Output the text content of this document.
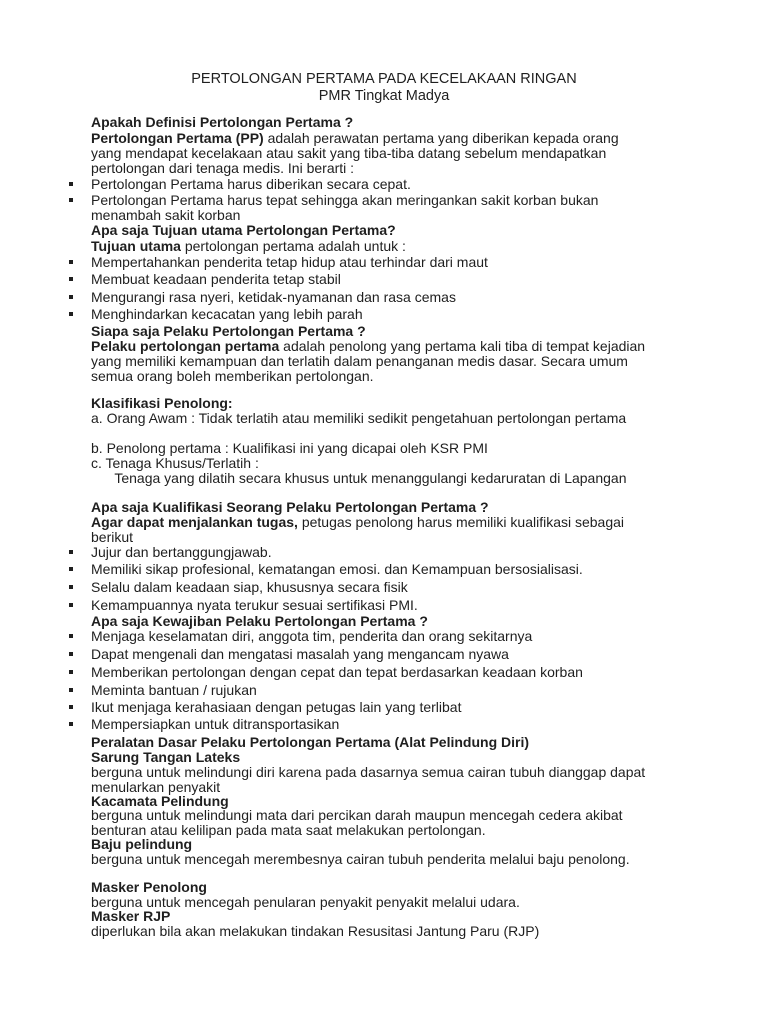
PERTOLONGAN PERTAMA PADA KECELAKAAN RINGAN
PMR Tingkat Madya
Apakah Definisi Pertolongan Pertama ?
Pertolongan Pertama (PP) adalah perawatan pertama yang diberikan kepada orang yang mendapat kecelakaan atau sakit yang tiba-tiba datang sebelum mendapatkan pertolongan dari tenaga medis. Ini berarti :
Pertolongan Pertama harus diberikan secara cepat.
Pertolongan Pertama harus tepat sehingga akan meringankan sakit korban bukan menambah sakit korban
Apa saja Tujuan utama Pertolongan Pertama?
Tujuan utama pertolongan pertama adalah untuk :
Mempertahankan penderita tetap hidup atau terhindar dari maut
Membuat keadaan penderita tetap stabil
Mengurangi rasa nyeri, ketidak-nyamanan dan rasa cemas
Menghindarkan kecacatan yang lebih parah
Siapa saja Pelaku Pertolongan Pertama ?
Pelaku pertolongan pertama adalah penolong yang pertama kali tiba di tempat kejadian yang memiliki kemampuan dan terlatih dalam penanganan medis dasar. Secara umum semua orang boleh memberikan pertolongan.
Klasifikasi Penolong:
a. Orang Awam : Tidak terlatih atau memiliki sedikit pengetahuan pertolongan pertama
b. Penolong pertama : Kualifikasi ini yang dicapai oleh KSR PMI
c. Tenaga Khusus/Terlatih :
Tenaga yang dilatih secara khusus untuk menanggulangi kedaruratan di Lapangan
Apa saja Kualifikasi Seorang Pelaku Pertolongan Pertama ?
Agar dapat menjalankan tugas, petugas penolong harus memiliki kualifikasi sebagai berikut
Jujur dan bertanggungjawab.
Memiliki sikap profesional, kematangan emosi. dan Kemampuan bersosialisasi.
Selalu dalam keadaan siap, khususnya secara fisik
Kemampuannya nyata terukur sesuai sertifikasi PMI.
Apa saja Kewajiban Pelaku Pertolongan Pertama ?
Menjaga keselamatan diri, anggota tim, penderita dan orang sekitarnya
Dapat mengenali dan mengatasi masalah yang mengancam nyawa
Memberikan pertolongan dengan cepat dan tepat berdasarkan keadaan korban
Meminta bantuan / rujukan
Ikut menjaga kerahasiaan dengan petugas lain yang terlibat
Mempersiapkan untuk ditransportasikan
Peralatan Dasar Pelaku Pertolongan Pertama (Alat Pelindung Diri)
Sarung Tangan Lateks
berguna untuk melindungi diri karena pada dasarnya semua cairan tubuh dianggap dapat menularkan penyakit
Kacamata Pelindung
berguna untuk melindungi mata dari percikan darah maupun mencegah cedera akibat benturan atau kelilipan pada mata saat melakukan pertolongan.
Baju pelindung
berguna untuk mencegah merembesnya cairan tubuh penderita melalui baju penolong.
Masker Penolong
berguna untuk mencegah penularan penyakit penyakit melalui udara.
Masker RJP
diperlukan bila akan melakukan tindakan Resusitasi Jantung Paru (RJP)
